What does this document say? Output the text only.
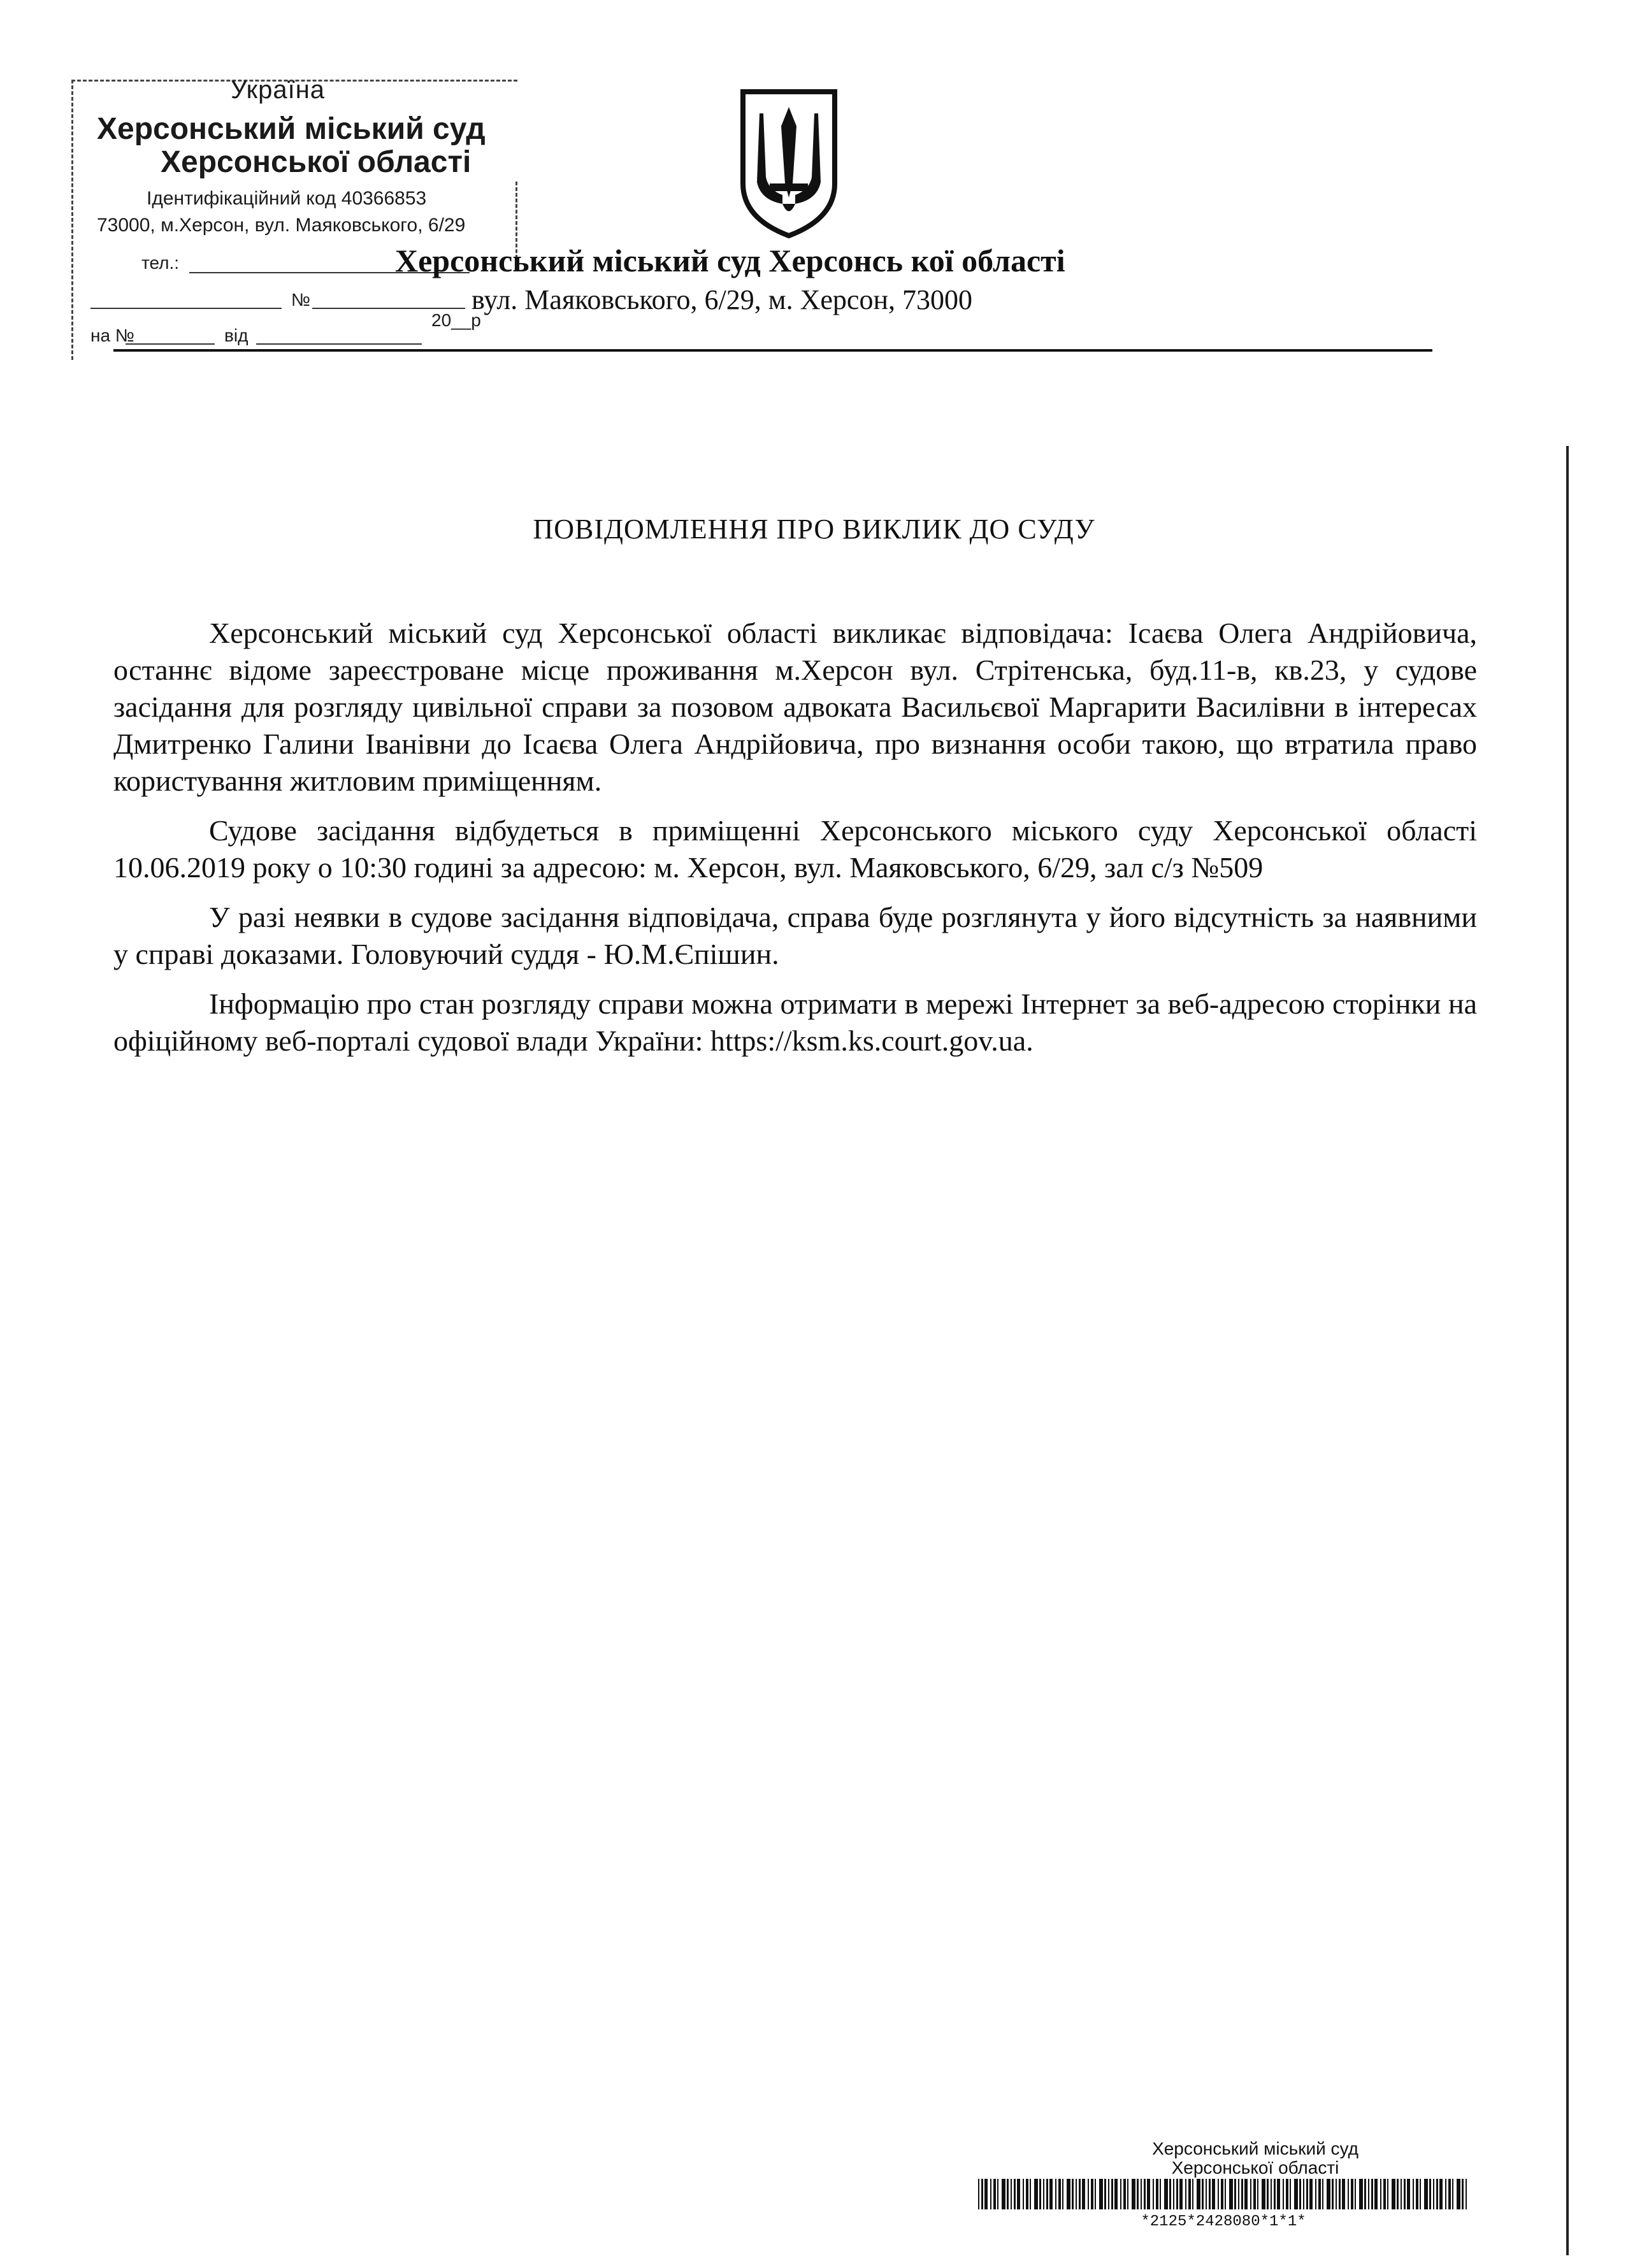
Україна
Херсонський міський суд
Херсонської області
Ідентифікаційний код 40366853
73000, м.Херсон, вул. Маяковського, 6/29
тел.:
№
20__р
на №	від
Херсонський міський суд Херсонсь кої області
вул. Маяковського, 6/29, м. Херсон, 73000
ПОВІДОМЛЕННЯ ПРО ВИКЛИК ДО СУДУ

Херсонський міський суд Херсонської області викликає відповідача: Ісаєва Олега Андрійовича, останнє відоме зареєстроване місце проживання м.Херсон вул. Стрітенська, буд.11-в, кв.23, у судове засідання для розгляду цивільної справи за позовом адвоката Васильєвої Маргарити Василівни в інтересах Дмитренко Галини Іванівни до Ісаєва Олега Андрійовича, про визнання особи такою, що втратила право користування житловим приміщенням.

Судове засідання відбудеться в приміщенні Херсонського міського суду Херсонської області 10.06.2019 року о 10:30 годині за адресою: м. Херсон, вул. Маяковського, 6/29, зал с/з №509

У разі неявки в судове засідання відповідача, справа буде розглянута у його відсутність за наявними у справі доказами. Головуючий суддя - Ю.М.Єпішин.

Інформацію про стан розгляду справи можна отримати в мережі Інтернет за веб-адресою сторінки на офіційному веб-порталі судової влади України: https://ksm.ks.court.gov.ua.

Херсонський міський суд
Херсонської області
*2125*2428080*1*1*
